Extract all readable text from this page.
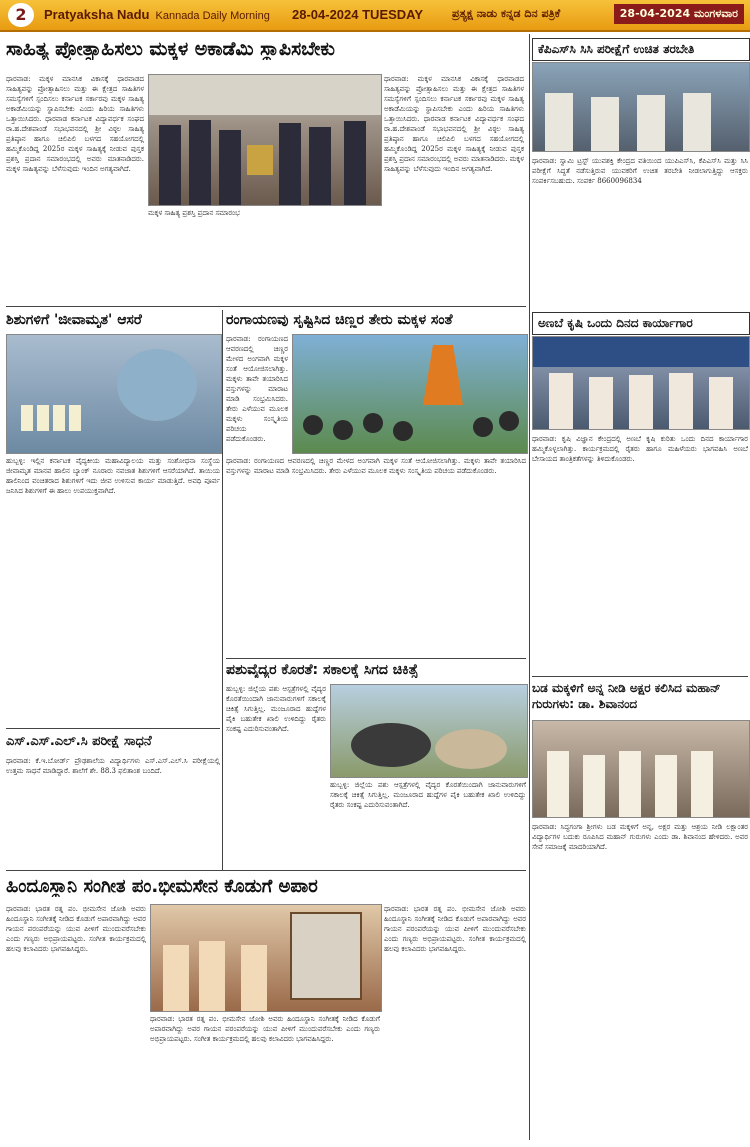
2	Pratyaksha Nadu Kannada Daily Morning 28-04-2024 TUESDAY	ಪ್ರತ್ಯಕ್ಷ ನಾಡು ಕನ್ನಡ ದಿನ ಪತ್ರಿಕೆ	28-04-2024 ಮಂಗಳವಾರ
ಸಾಹಿತ್ಯ ಪ್ರೋತ್ಸಾಹಿಸಲು ಮಕ್ಕಳ ಅಕಾಡೆಮಿ ಸ್ಥಾಪಿಸಬೇಕು
ಧಾರವಾಡ: ಮಕ್ಕಳ ಮಾನಸಿಕ ವಿಕಾಸಕ್ಕೆ ಧಾರವಾಡದ ಸಾಹಿತ್ಯವನ್ನು ಪ್ರೋತ್ಸಾಹಿಸಲು ಮತ್ತು ಈ ಕ್ಷೇತ್ರದ ಸಾಹಿತಿಗಳ ಸಮಸ್ಯೆಗಳಿಗೆ ಸ್ಪಂದಿಸಲು ಕರ್ನಾಟಕ ಸರ್ಕಾರವು ಮಕ್ಕಳ ಸಾಹಿತ್ಯ ಅಕಾಡೆಮಿಯನ್ನು ಸ್ಥಾಪಿಸಬೇಕು ಎಂದು ಹಿರಿಯ ಸಾಹಿತಿಗಳು ಒತ್ತಾಯಿಸಿದರು. ಧಾರವಾಡ ಕರ್ನಾಟಕ ವಿದ್ಯಾವರ್ಧಕ ಸಂಘದ ರಾ.ಹ.ದೇಶಪಾಂಡೆ ಸಭಾಭವನದಲ್ಲಿ ಶ್ರೀ ವಿಠ್ಠಲ ಸಾಹಿತ್ಯ ಪ್ರತಿಷ್ಠಾನ ಹಾಗೂ ಚಿಲಿಪಿಲಿ ಬಳಗದ ಸಹಯೋಗದಲ್ಲಿ ಹಮ್ಮಿಕೊಂಡಿದ್ದ 2025ರ ಮಕ್ಕಳ ಸಾಹಿತ್ಯಕ್ಕೆ ನೀಡುವ ಪುಸ್ತಕ ಪ್ರಶಸ್ತಿ ಪ್ರದಾನ ಸಮಾರಂಭದಲ್ಲಿ ಅವರು ಮಾತನಾಡಿದರು. ಮಕ್ಕಳ ಸಾಹಿತ್ಯವನ್ನು ಬೆಳೆಸುವುದು ಇಂದಿನ ಅಗತ್ಯವಾಗಿದೆ.
ಮಕ್ಕಳ ಸಾಹಿತ್ಯ ಪ್ರಶಸ್ತಿ ಪ್ರದಾನ ಸಮಾರಂಭ
ಧಾರವಾಡ: ಮಕ್ಕಳ ಮಾನಸಿಕ ವಿಕಾಸಕ್ಕೆ ಧಾರವಾಡದ ಸಾಹಿತ್ಯವನ್ನು ಪ್ರೋತ್ಸಾಹಿಸಲು ಮತ್ತು ಈ ಕ್ಷೇತ್ರದ ಸಾಹಿತಿಗಳ ಸಮಸ್ಯೆಗಳಿಗೆ ಸ್ಪಂದಿಸಲು ಕರ್ನಾಟಕ ಸರ್ಕಾರವು ಮಕ್ಕಳ ಸಾಹಿತ್ಯ ಅಕಾಡೆಮಿಯನ್ನು ಸ್ಥಾಪಿಸಬೇಕು ಎಂದು ಹಿರಿಯ ಸಾಹಿತಿಗಳು ಒತ್ತಾಯಿಸಿದರು. ಧಾರವಾಡ ಕರ್ನಾಟಕ ವಿದ್ಯಾವರ್ಧಕ ಸಂಘದ ರಾ.ಹ.ದೇಶಪಾಂಡೆ ಸಭಾಭವನದಲ್ಲಿ ಶ್ರೀ ವಿಠ್ಠಲ ಸಾಹಿತ್ಯ ಪ್ರತಿಷ್ಠಾನ ಹಾಗೂ ಚಿಲಿಪಿಲಿ ಬಳಗದ ಸಹಯೋಗದಲ್ಲಿ ಹಮ್ಮಿಕೊಂಡಿದ್ದ 2025ರ ಮಕ್ಕಳ ಸಾಹಿತ್ಯಕ್ಕೆ ನೀಡುವ ಪುಸ್ತಕ ಪ್ರಶಸ್ತಿ ಪ್ರದಾನ ಸಮಾರಂಭದಲ್ಲಿ ಅವರು ಮಾತನಾಡಿದರು. ಮಕ್ಕಳ ಸಾಹಿತ್ಯವನ್ನು ಬೆಳೆಸುವುದು ಇಂದಿನ ಅಗತ್ಯವಾಗಿದೆ.
ಕೆಪಿಎಸ್‌ಸಿ ಸಿಸಿ ಪರೀಕ್ಷೆಗೆ ಉಚಿತ ತರಬೇತಿ
ಧಾರವಾಡ: ಸ್ವಾಮಿ ಟ್ರಸ್ಟ್ ಯುವಶಕ್ತಿ ಕೇಂದ್ರದ ವತಿಯಿಂದ ಯುಪಿಎಸ್‌ಸಿ, ಕೆಪಿಎಸ್‌ಸಿ ಮತ್ತು ಸಿಸಿ ಪರೀಕ್ಷೆಗೆ ಸಿದ್ಧತೆ ನಡೆಸುತ್ತಿರುವ ಯುವಕರಿಗೆ ಉಚಿತ ತರಬೇತಿ ನೀಡಲಾಗುತ್ತಿದ್ದು ಆಸಕ್ತರು ಸಂಪರ್ಕಿಸಬಹುದು. ಸಂಪರ್ಕ 8660096834
ಅಣಬೆ ಕೃಷಿ ಒಂದು ದಿನದ ಕಾರ್ಯಾಗಾರ
ಧಾರವಾಡ: ಕೃಷಿ ವಿಜ್ಞಾನ ಕೇಂದ್ರದಲ್ಲಿ ಅಣಬೆ ಕೃಷಿ ಕುರಿತು ಒಂದು ದಿನದ ಕಾರ್ಯಾಗಾರ ಹಮ್ಮಿಕೊಳ್ಳಲಾಗಿತ್ತು. ಕಾರ್ಯಕ್ರಮದಲ್ಲಿ ರೈತರು ಹಾಗೂ ಮಹಿಳೆಯರು ಭಾಗವಹಿಸಿ ಅಣಬೆ ಬೇಸಾಯದ ತಾಂತ್ರಿಕತೆಗಳನ್ನು ತಿಳಿದುಕೊಂಡರು.
ಶಿಶುಗಳಿಗೆ 'ಜೀವಾಮೃತ' ಆಸರೆ
ಹುಬ್ಬಳ್ಳಿ: ಇಲ್ಲಿನ ಕರ್ನಾಟಕ ವೈದ್ಯಕೀಯ ಮಹಾವಿದ್ಯಾಲಯ ಮತ್ತು ಸಂಶೋಧನಾ ಸಂಸ್ಥೆಯ ಜೀವಾಮೃತ ಮಾನವ ಹಾಲಿನ ಬ್ಯಾಂಕ್ ನೂರಾರು ನವಜಾತ ಶಿಶುಗಳಿಗೆ ಆಸರೆಯಾಗಿದೆ. ತಾಯಿಯ ಹಾಲಿನಿಂದ ವಂಚಿತರಾದ ಶಿಶುಗಳಿಗೆ ಇದು ಜೀವ ಉಳಿಸುವ ಕಾರ್ಯ ಮಾಡುತ್ತಿದೆ. ಅವಧಿ ಪೂರ್ವ ಜನಿಸಿದ ಶಿಶುಗಳಿಗೆ ಈ ಹಾಲು ಉಪಯುಕ್ತವಾಗಿದೆ.
ರಂಗಾಯಣವು ಸೃಷ್ಟಿಸಿದ ಚಿಣ್ಣರ ತೇರು ಮಕ್ಕಳ ಸಂತೆ
ಧಾರವಾಡ: ರಂಗಾಯಣದ ಆವರಣದಲ್ಲಿ ಚಿಣ್ಣರ ಮೇಳದ ಅಂಗವಾಗಿ ಮಕ್ಕಳ ಸಂತೆ ಆಯೋಜಿಸಲಾಗಿತ್ತು. ಮಕ್ಕಳು ತಾವೇ ತಯಾರಿಸಿದ ವಸ್ತುಗಳನ್ನು ಮಾರಾಟ ಮಾಡಿ ಸಂಭ್ರಮಿಸಿದರು. ತೇರು ಎಳೆಯುವ ಮೂಲಕ ಮಕ್ಕಳು ಸಂಸ್ಕೃತಿಯ ಪರಿಚಯ ಪಡೆದುಕೊಂಡರು.
ಧಾರವಾಡ: ರಂಗಾಯಣದ ಆವರಣದಲ್ಲಿ ಚಿಣ್ಣರ ಮೇಳದ ಅಂಗವಾಗಿ ಮಕ್ಕಳ ಸಂತೆ ಆಯೋಜಿಸಲಾಗಿತ್ತು. ಮಕ್ಕಳು ತಾವೇ ತಯಾರಿಸಿದ ವಸ್ತುಗಳನ್ನು ಮಾರಾಟ ಮಾಡಿ ಸಂಭ್ರಮಿಸಿದರು. ತೇರು ಎಳೆಯುವ ಮೂಲಕ ಮಕ್ಕಳು ಸಂಸ್ಕೃತಿಯ ಪರಿಚಯ ಪಡೆದುಕೊಂಡರು.
ಪಶುವೈದ್ಯರ ಕೊರತೆ: ಸಕಾಲಕ್ಕೆ ಸಿಗದ ಚಿಕಿತ್ಸೆ
ಹುಬ್ಬಳ್ಳಿ: ಜಿಲ್ಲೆಯ ಪಶು ಆಸ್ಪತ್ರೆಗಳಲ್ಲಿ ವೈದ್ಯರ ಕೊರತೆಯಿಂದಾಗಿ ಜಾನುವಾರುಗಳಿಗೆ ಸಕಾಲಕ್ಕೆ ಚಿಕಿತ್ಸೆ ಸಿಗುತ್ತಿಲ್ಲ. ಮಂಜೂರಾದ ಹುದ್ದೆಗಳ ಪೈಕಿ ಬಹುತೇಕ ಖಾಲಿ ಉಳಿದಿದ್ದು ರೈತರು ಸಂಕಷ್ಟ ಎದುರಿಸುವಂತಾಗಿದೆ.
ಹುಬ್ಬಳ್ಳಿ: ಜಿಲ್ಲೆಯ ಪಶು ಆಸ್ಪತ್ರೆಗಳಲ್ಲಿ ವೈದ್ಯರ ಕೊರತೆಯಿಂದಾಗಿ ಜಾನುವಾರುಗಳಿಗೆ ಸಕಾಲಕ್ಕೆ ಚಿಕಿತ್ಸೆ ಸಿಗುತ್ತಿಲ್ಲ. ಮಂಜೂರಾದ ಹುದ್ದೆಗಳ ಪೈಕಿ ಬಹುತೇಕ ಖಾಲಿ ಉಳಿದಿದ್ದು ರೈತರು ಸಂಕಷ್ಟ ಎದುರಿಸುವಂತಾಗಿದೆ.
ಬಡ ಮಕ್ಕಳಿಗೆ ಅನ್ನ ನೀಡಿ ಅಕ್ಷರ ಕಲಿಸಿದ ಮಹಾನ್ ಗುರುಗಳು: ಡಾ. ಶಿವಾನಂದ
ಧಾರವಾಡ: ಸಿದ್ಧಗಂಗಾ ಶ್ರೀಗಳು ಬಡ ಮಕ್ಕಳಿಗೆ ಅನ್ನ, ಅಕ್ಷರ ಮತ್ತು ಆಶ್ರಯ ನೀಡಿ ಲಕ್ಷಾಂತರ ವಿದ್ಯಾರ್ಥಿಗಳ ಬದುಕು ರೂಪಿಸಿದ ಮಹಾನ್ ಗುರುಗಳು ಎಂದು ಡಾ. ಶಿವಾನಂದ ಹೇಳಿದರು. ಅವರ ಸೇವೆ ಸಮಾಜಕ್ಕೆ ಮಾದರಿಯಾಗಿದೆ.
ಎಸ್.ಎಸ್.ಎಲ್.ಸಿ ಪರೀಕ್ಷೆ ಸಾಧನೆ
ಧಾರವಾಡ: ಕೆ.ಇ.ಬೋರ್ಡ್ ಪ್ರೌಢಶಾಲೆಯ ವಿದ್ಯಾರ್ಥಿಗಳು ಎಸ್.ಎಸ್.ಎಲ್.ಸಿ ಪರೀಕ್ಷೆಯಲ್ಲಿ ಉತ್ತಮ ಸಾಧನೆ ಮಾಡಿದ್ದಾರೆ. ಶಾಲೆಗೆ ಶೇ. 88.3 ಫಲಿತಾಂಶ ಬಂದಿದೆ.
ಹಿಂದೂಸ್ಥಾನಿ ಸಂಗೀತ ಪಂ.ಭೀಮಸೇನ ಕೊಡುಗೆ ಅಪಾರ
ಧಾರವಾಡ: ಭಾರತ ರತ್ನ ಪಂ. ಭೀಮಸೇನ ಜೋಶಿ ಅವರು ಹಿಂದೂಸ್ಥಾನಿ ಸಂಗೀತಕ್ಕೆ ನೀಡಿದ ಕೊಡುಗೆ ಅಪಾರವಾಗಿದ್ದು ಅವರ ಗಾಯನ ಪರಂಪರೆಯನ್ನು ಯುವ ಪೀಳಿಗೆ ಮುಂದುವರೆಸಬೇಕು ಎಂದು ಗಣ್ಯರು ಅಭಿಪ್ರಾಯಪಟ್ಟರು. ಸಂಗೀತ ಕಾರ್ಯಕ್ರಮದಲ್ಲಿ ಹಲವು ಕಲಾವಿದರು ಭಾಗವಹಿಸಿದ್ದರು.
ಧಾರವಾಡ: ಭಾರತ ರತ್ನ ಪಂ. ಭೀಮಸೇನ ಜೋಶಿ ಅವರು ಹಿಂದೂಸ್ಥಾನಿ ಸಂಗೀತಕ್ಕೆ ನೀಡಿದ ಕೊಡುಗೆ ಅಪಾರವಾಗಿದ್ದು ಅವರ ಗಾಯನ ಪರಂಪರೆಯನ್ನು ಯುವ ಪೀಳಿಗೆ ಮುಂದುವರೆಸಬೇಕು ಎಂದು ಗಣ್ಯರು ಅಭಿಪ್ರಾಯಪಟ್ಟರು. ಸಂಗೀತ ಕಾರ್ಯಕ್ರಮದಲ್ಲಿ ಹಲವು ಕಲಾವಿದರು ಭಾಗವಹಿಸಿದ್ದರು.
ಧಾರವಾಡ: ಭಾರತ ರತ್ನ ಪಂ. ಭೀಮಸೇನ ಜೋಶಿ ಅವರು ಹಿಂದೂಸ್ಥಾನಿ ಸಂಗೀತಕ್ಕೆ ನೀಡಿದ ಕೊಡುಗೆ ಅಪಾರವಾಗಿದ್ದು ಅವರ ಗಾಯನ ಪರಂಪರೆಯನ್ನು ಯುವ ಪೀಳಿಗೆ ಮುಂದುವರೆಸಬೇಕು ಎಂದು ಗಣ್ಯರು ಅಭಿಪ್ರಾಯಪಟ್ಟರು. ಸಂಗೀತ ಕಾರ್ಯಕ್ರಮದಲ್ಲಿ ಹಲವು ಕಲಾವಿದರು ಭಾಗವಹಿಸಿದ್ದರು.
